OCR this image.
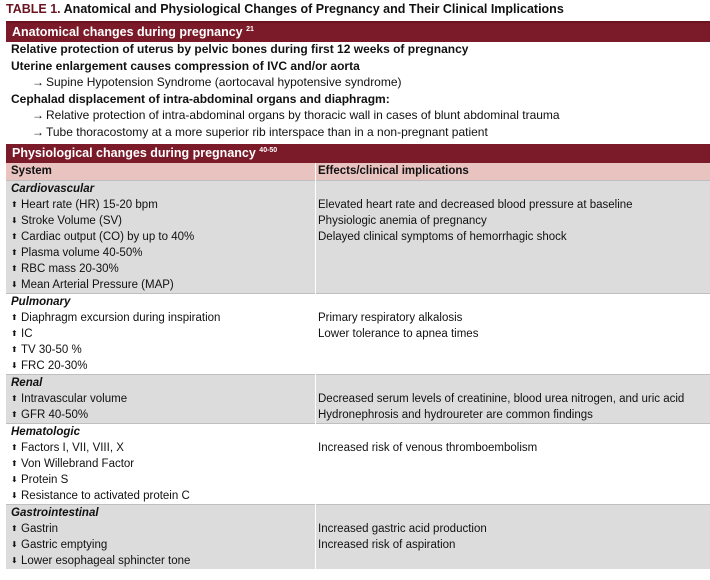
TABLE 1. Anatomical and Physiological Changes of Pregnancy and Their Clinical Implications
Anatomical changes during pregnancy $^{21}$
Relative protection of uterus by pelvic bones during first 12 weeks of pregnancy
Uterine enlargement causes compression of IVC and/or aorta
→ Supine Hypotension Syndrome (aortocaval hypotensive syndrome)
Cephalad displacement of intra-abdominal organs and diaphragm:
→ Relative protection of intra-abdominal organs by thoracic wall in cases of blunt abdominal trauma
→ Tube thoracostomy at a more superior rib interspace than in a non-pregnant patient
Physiological changes during pregnancy $^{40-50}$
System	Effects/clinical implications
Cardiovascular
⬆ Heart rate (HR) 15-20 bpm
⬇ Stroke Volume (SV)
⬆ Cardiac output (CO) by up to 40%
⬆ Plasma volume 40-50%
⬆ RBC mass 20-30%
⬇ Mean Arterial Pressure (MAP)
Elevated heart rate and decreased blood pressure at baseline
Physiologic anemia of pregnancy
Delayed clinical symptoms of hemorrhagic shock
Pulmonary
⬆ Diaphragm excursion during inspiration
⬆ IC
⬆ TV 30-50 %
⬇ FRC 20-30%
Primary respiratory alkalosis
Lower tolerance to apnea times
Renal
⬆ Intravascular volume
⬆ GFR 40-50%
Decreased serum levels of creatinine, blood urea nitrogen, and uric acid
Hydronephrosis and hydroureter are common findings
Hematologic
⬆ Factors I, VII, VIII, X
⬆ Von Willebrand Factor
⬇ Protein S
⬇ Resistance to activated protein C
Increased risk of venous thromboembolism
Gastrointestinal
⬆ Gastrin
⬇ Gastric emptying
⬇ Lower esophageal sphincter tone
Increased gastric acid production
Increased risk of aspiration
